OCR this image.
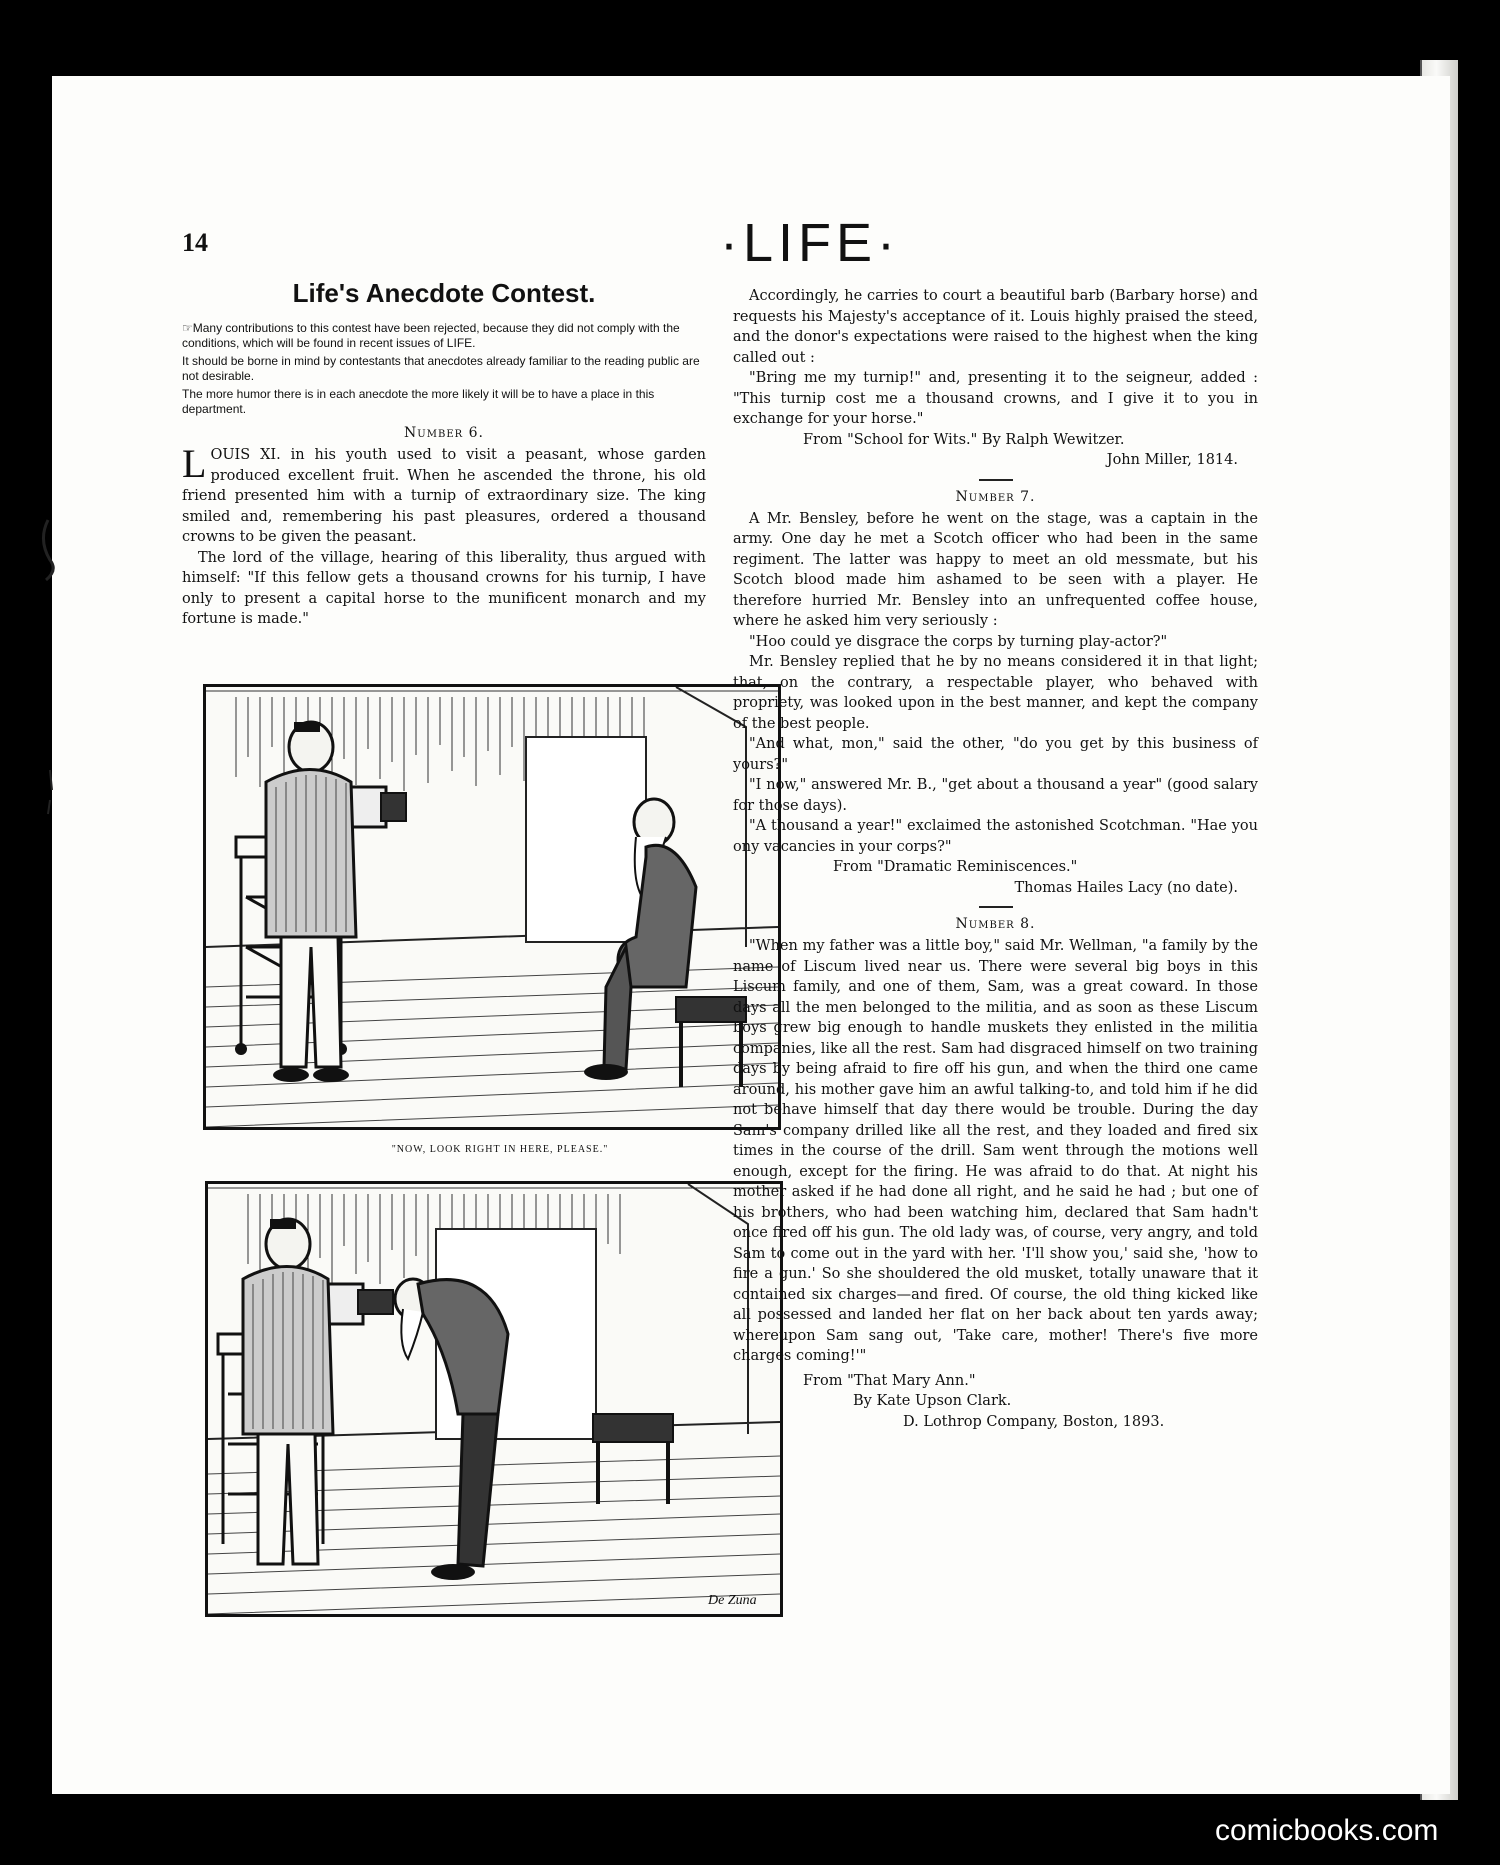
14	·LIFE·
Life's Anecdote Contest.

☞Many contributions to this contest have been rejected, because they did not comply with the conditions, which will be found in recent issues of LIFE.

It should be borne in mind by contestants that anecdotes already familiar to the reading public are not desirable.

The more humor there is in each anecdote the more likely it will be to have a place in this department.

Number 6.

LOUIS XI. in his youth used to visit a peasant, whose garden produced excellent fruit. When he ascended the throne, his old friend presented him with a turnip of extraordinary size. The king smiled and, remembering his past pleasures, ordered a thousand crowns to be given the peasant.

The lord of the village, hearing of this liberality, thus argued with himself: "If this fellow gets a thousand crowns for his turnip, I have only to present a capital horse to the munificent monarch and my fortune is made."

"NOW, LOOK RIGHT IN HERE, PLEASE."
De Zuna

Accordingly, he carries to court a beautiful barb (Barbary horse) and requests his Majesty's acceptance of it. Louis highly praised the steed, and the donor's expectations were raised to the highest when the king called out :

"Bring me my turnip!" and, presenting it to the seigneur, added : "This turnip cost me a thousand crowns, and I give it to you in exchange for your horse."

From "School for Wits." By Ralph Wewitzer.

John Miller, 1814.

Number 7.

A Mr. Bensley, before he went on the stage, was a captain in the army. One day he met a Scotch officer who had been in the same regiment. The latter was happy to meet an old messmate, but his Scotch blood made him ashamed to be seen with a player. He therefore hurried Mr. Bensley into an unfrequented coffee house, where he asked him very seriously :

"Hoo could ye disgrace the corps by turning play-actor?"

Mr. Bensley replied that he by no means considered it in that light; that, on the contrary, a respectable player, who behaved with propriety, was looked upon in the best manner, and kept the company of the best people.

"And what, mon," said the other, "do you get by this business of yours?"

"I now," answered Mr. B., "get about a thousand a year" (good salary for those days).

"A thousand a year!" exclaimed the astonished Scotchman. "Hae you ony vacancies in your corps?"

From "Dramatic Reminiscences."

Thomas Hailes Lacy (no date).

Number 8.

"When my father was a little boy," said Mr. Wellman, "a family by the name of Liscum lived near us. There were several big boys in this Liscum family, and one of them, Sam, was a great coward. In those days all the men belonged to the militia, and as soon as these Liscum boys grew big enough to handle muskets they enlisted in the militia companies, like all the rest. Sam had disgraced himself on two training days by being afraid to fire off his gun, and when the third one came around, his mother gave him an awful talking-to, and told him if he did not behave himself that day there would be trouble. During the day Sam's company drilled like all the rest, and they loaded and fired six times in the course of the drill. Sam went through the motions well enough, except for the firing. He was afraid to do that. At night his mother asked if he had done all right, and he said he had ; but one of his brothers, who had been watching him, declared that Sam hadn't once fired off his gun. The old lady was, of course, very angry, and told Sam to come out in the yard with her. 'I'll show you,' said she, 'how to fire a gun.' So she shouldered the old musket, totally unaware that it contained six charges—and fired. Of course, the old thing kicked like all possessed and landed her flat on her back about ten yards away; whereupon Sam sang out, 'Take care, mother! There's five more charges coming!'"

From "That Mary Ann."

By Kate Upson Clark.

D. Lothrop Company, Boston, 1893.

comicbooks.com
